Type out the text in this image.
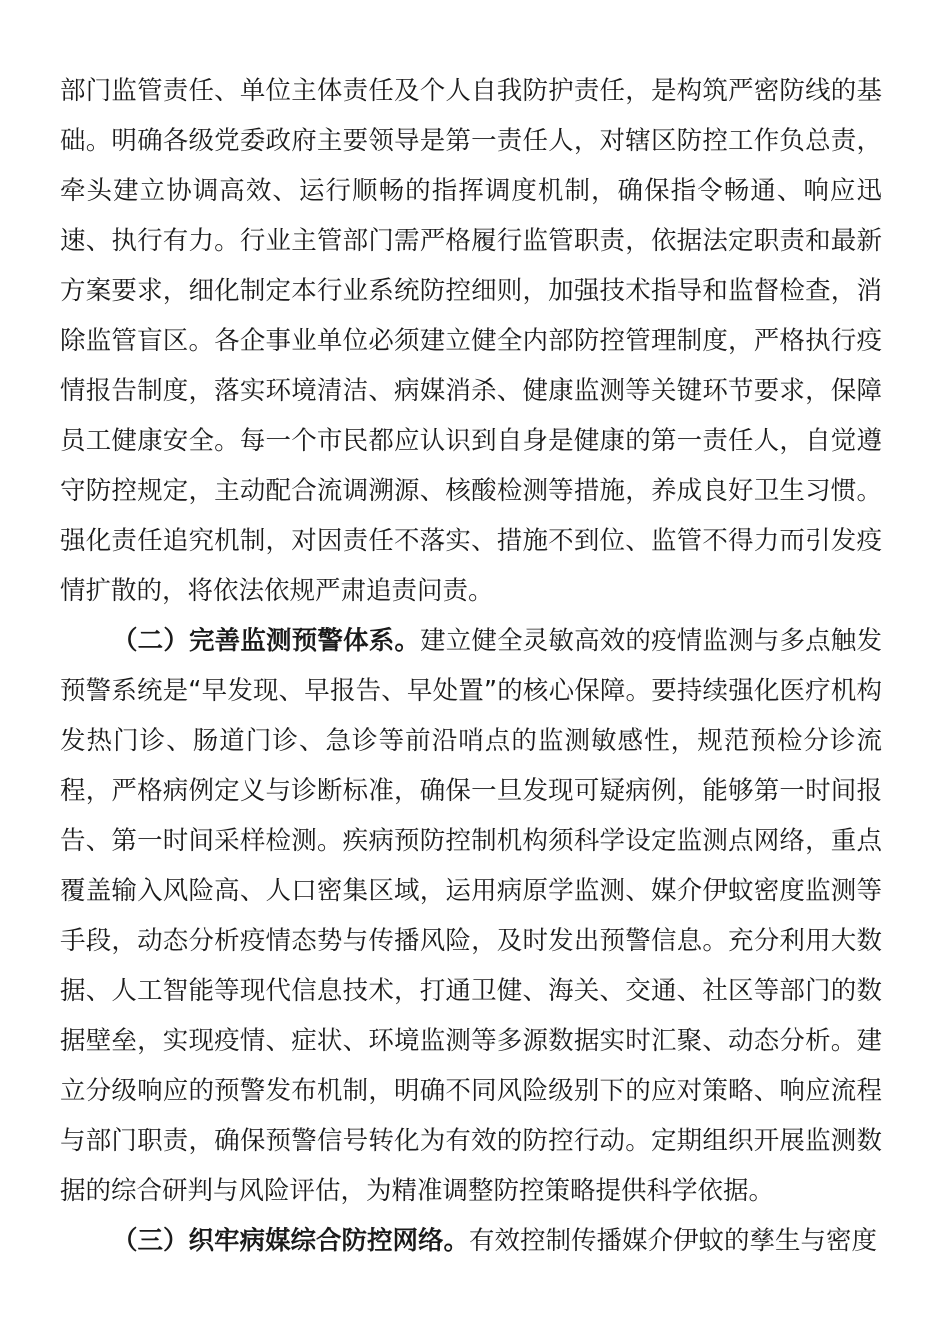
部门监管责任、单位主体责任及个人自我防护责任，是构筑严密防线的基础。明确各级党委政府主要领导是第一责任人，对辖区防控工作负总责，牵头建立协调高效、运行顺畅的指挥调度机制，确保指令畅通、响应迅速、执行有力。行业主管部门需严格履行监管职责，依据法定职责和最新方案要求，细化制定本行业系统防控细则，加强技术指导和监督检查，消除监管盲区。各企事业单位必须建立健全内部防控管理制度，严格执行疫情报告制度，落实环境清洁、病媒消杀、健康监测等关键环节要求，保障员工健康安全。每一个市民都应认识到自身是健康的第一责任人，自觉遵守防控规定，主动配合流调溯源、核酸检测等措施，养成良好卫生习惯。强化责任追究机制，对因责任不落实、措施不到位、监管不得力而引发疫情扩散的，将依法依规严肃追责问责。

（二）完善监测预警体系。建立健全灵敏高效的疫情监测与多点触发预警系统是“早发现、早报告、早处置”的核心保障。要持续强化医疗机构发热门诊、肠道门诊、急诊等前沿哨点的监测敏感性，规范预检分诊流程，严格病例定义与诊断标准，确保一旦发现可疑病例，能够第一时间报告、第一时间采样检测。疾病预防控制机构须科学设定监测点网络，重点覆盖输入风险高、人口密集区域，运用病原学监测、媒介伊蚊密度监测等手段，动态分析疫情态势与传播风险，及时发出预警信息。充分利用大数据、人工智能等现代信息技术，打通卫健、海关、交通、社区等部门的数据壁垒，实现疫情、症状、环境监测等多源数据实时汇聚、动态分析。建立分级响应的预警发布机制，明确不同风险级别下的应对策略、响应流程与部门职责，确保预警信号转化为有效的防控行动。定期组织开展监测数据的综合研判与风险评估，为精准调整防控策略提供科学依据。

（三）织牢病媒综合防控网络。有效控制传播媒介伊蚊的孳生与密度
